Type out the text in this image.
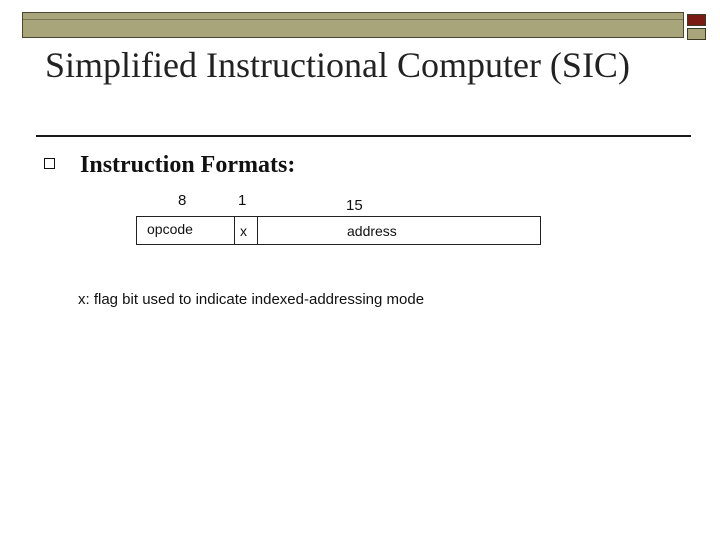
Simplified Instructional Computer (SIC)
Instruction Formats:
8	1	15
opcode	x	address
x: flag bit used to indicate indexed-addressing mode
